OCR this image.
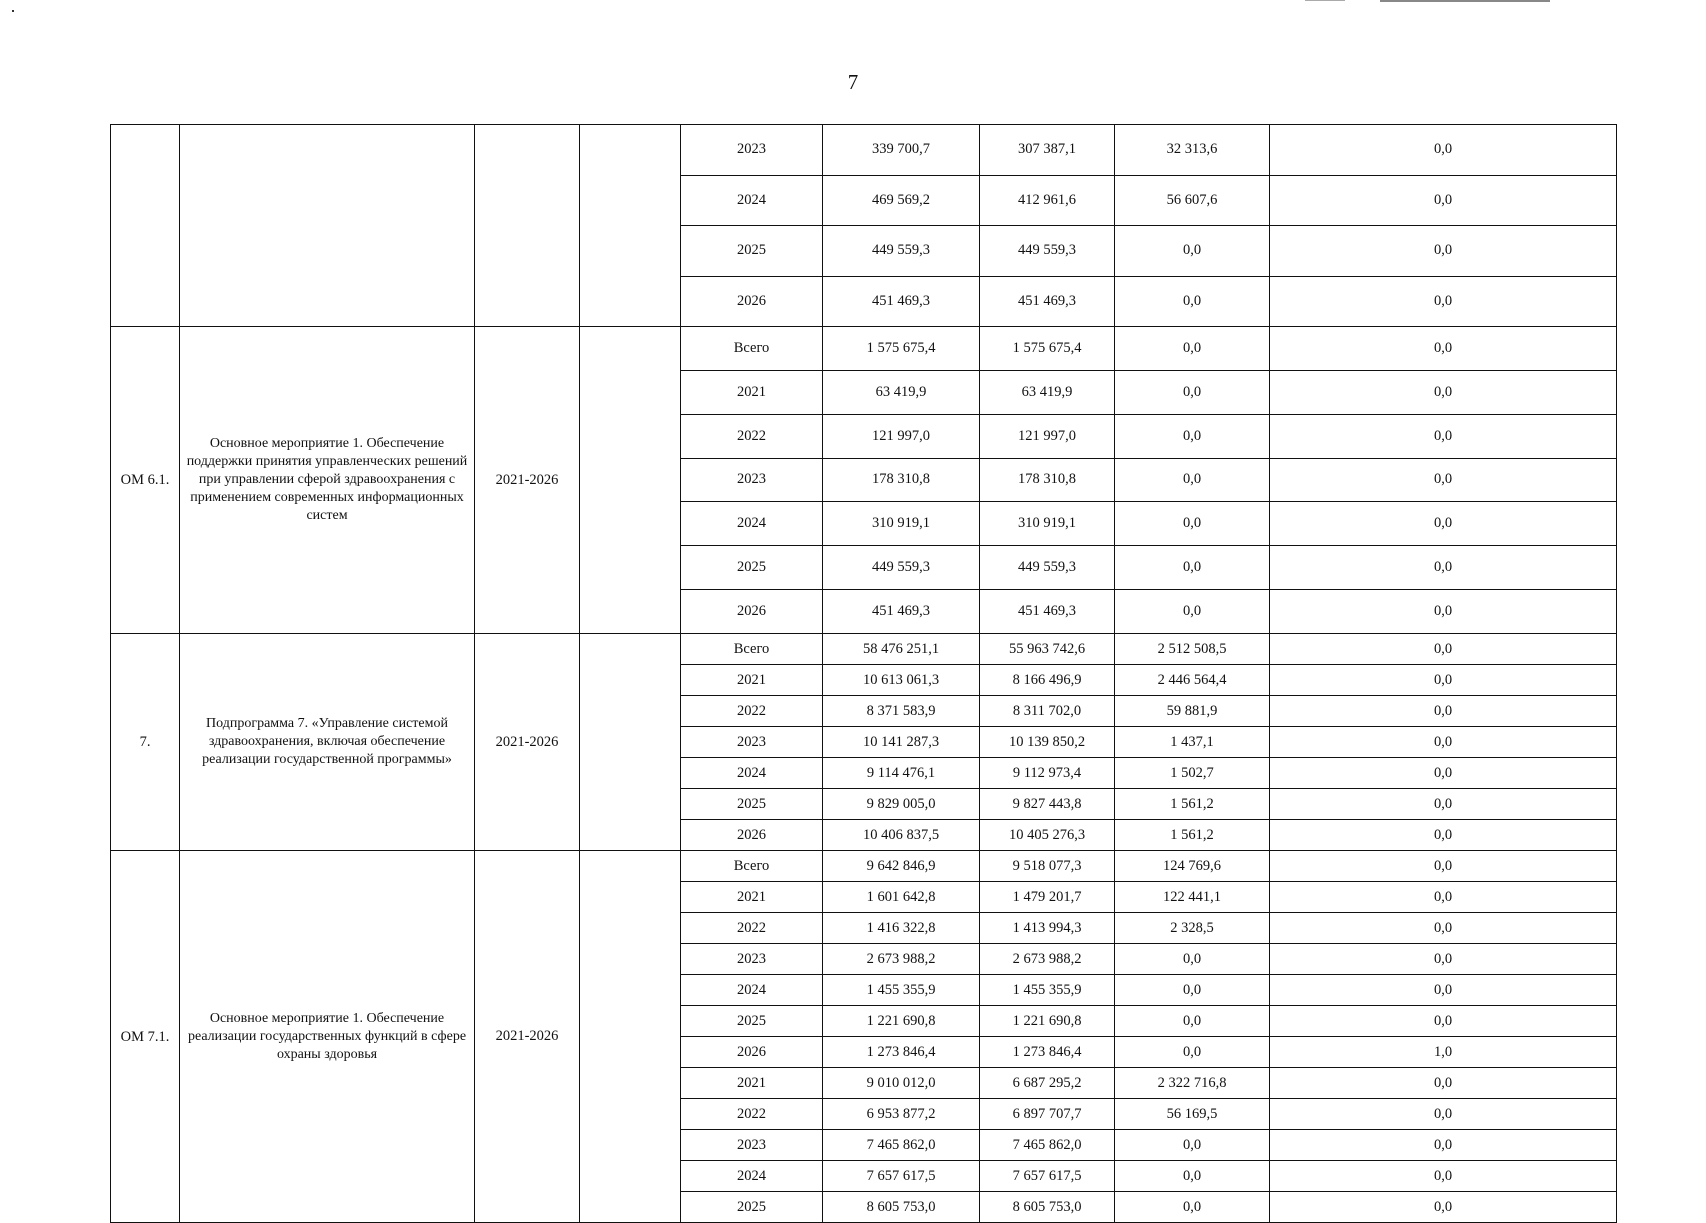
7
				2023	339 700,7	307 387,1	32 313,6	0,0	
				2024	469 569,2	412 961,6	56 607,6	0,0	
				2025	449 559,3	449 559,3	0,0	0,0	
				2026	451 469,3	451 469,3	0,0	0,0	
ОМ 6.1.	Основное мероприятие 1. Обеспечение поддержки принятия управленческих решений при управлении сферой здравоохранения с применением современных информационных систем	2021-2026		Всего	1 575 675,4	1 575 675,4	0,0	0,0	
				2021	63 419,9	63 419,9	0,0	0,0	
				2022	121 997,0	121 997,0	0,0	0,0	
				2023	178 310,8	178 310,8	0,0	0,0	
				2024	310 919,1	310 919,1	0,0	0,0	
				2025	449 559,3	449 559,3	0,0	0,0	
				2026	451 469,3	451 469,3	0,0	0,0	
7.	Подпрограмма 7. «Управление системой здравоохранения, включая обеспечение реализации государственной программы»	2021-2026		Всего	58 476 251,1	55 963 742,6	2 512 508,5	0,0	
				2021	10 613 061,3	8 166 496,9	2 446 564,4	0,0	
				2022	8 371 583,9	8 311 702,0	59 881,9	0,0	
				2023	10 141 287,3	10 139 850,2	1 437,1	0,0	
				2024	9 114 476,1	9 112 973,4	1 502,7	0,0	
				2025	9 829 005,0	9 827 443,8	1 561,2	0,0	
				2026	10 406 837,5	10 405 276,3	1 561,2	0,0	
ОМ 7.1.	Основное мероприятие 1. Обеспечение реализации государственных функций в сфере охраны здоровья	2021-2026		Всего	9 642 846,9	9 518 077,3	124 769,6	0,0	
				2021	1 601 642,8	1 479 201,7	122 441,1	0,0	
				2022	1 416 322,8	1 413 994,3	2 328,5	0,0	
				2023	2 673 988,2	2 673 988,2	0,0	0,0	
				2024	1 455 355,9	1 455 355,9	0,0	0,0	
				2025	1 221 690,8	1 221 690,8	0,0	0,0	
				2026	1 273 846,4	1 273 846,4	0,0	1,0	
				2021	9 010 012,0	6 687 295,2	2 322 716,8	0,0	
				2022	6 953 877,2	6 897 707,7	56 169,5	0,0	
				2023	7 465 862,0	7 465 862,0	0,0	0,0	
				2024	7 657 617,5	7 657 617,5	0,0	0,0	
				2025	8 605 753,0	8 605 753,0	0,0	0,0	
